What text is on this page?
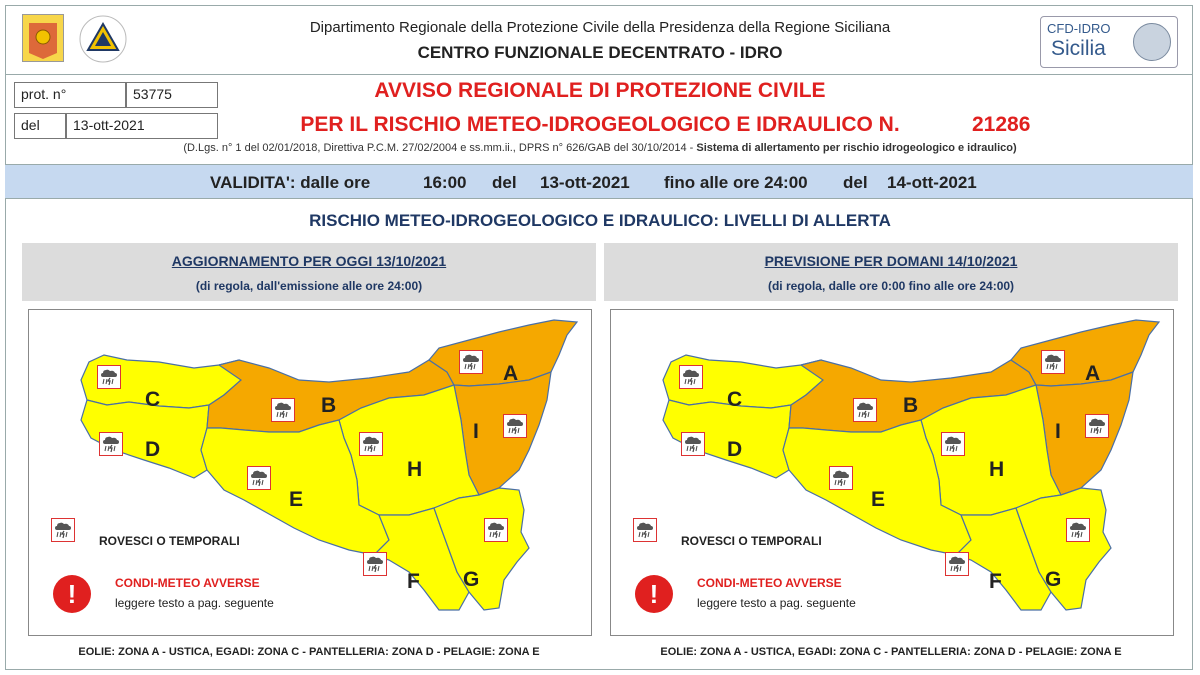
Dipartimento Regionale della Protezione Civile della Presidenza della Regione Siciliana
CENTRO FUNZIONALE DECENTRATO - IDRO
CFD-IDRO
Sicilia
prot. n°	53775
del	13-ott-2021
AVVISO REGIONALE DI PROTEZIONE CIVILE
PER IL RISCHIO METEO-IDROGEOLOGICO E IDRAULICO N.	21286
(D.Lgs. n° 1 del 02/01/2018, Direttiva P.C.M. 27/02/2004 e ss.mm.ii., DPRS n° 626/GAB del 30/10/2014 - Sistema di allertamento per rischio idrogeologico e idraulico)
VALIDITA': dalle ore	16:00 del 13-ott-2021 fino alle ore 24:00 del 14-ott-2021
RISCHIO METEO-IDROGEOLOGICO E IDRAULICO: LIVELLI DI ALLERTA
AGGIORNAMENTO PER OGGI 13/10/2021
(di regola, dall'emissione alle ore 24:00)
A
B
C
D
E
F G
H
I
ROVESCI O TEMPORALI
!	CONDI-METEO AVVERSE
leggere testo a pag. seguente
EOLIE: ZONA A - USTICA, EGADI: ZONA C - PANTELLERIA: ZONA D - PELAGIE: ZONA E
PREVISIONE PER DOMANI 14/10/2021
(di regola, dalle ore 0:00 fino alle ore 24:00)
A
B
C
D
E
F G
H
I
ROVESCI O TEMPORALI
!	CONDI-METEO AVVERSE
leggere testo a pag. seguente
EOLIE: ZONA A - USTICA, EGADI: ZONA C - PANTELLERIA: ZONA D - PELAGIE: ZONA E
